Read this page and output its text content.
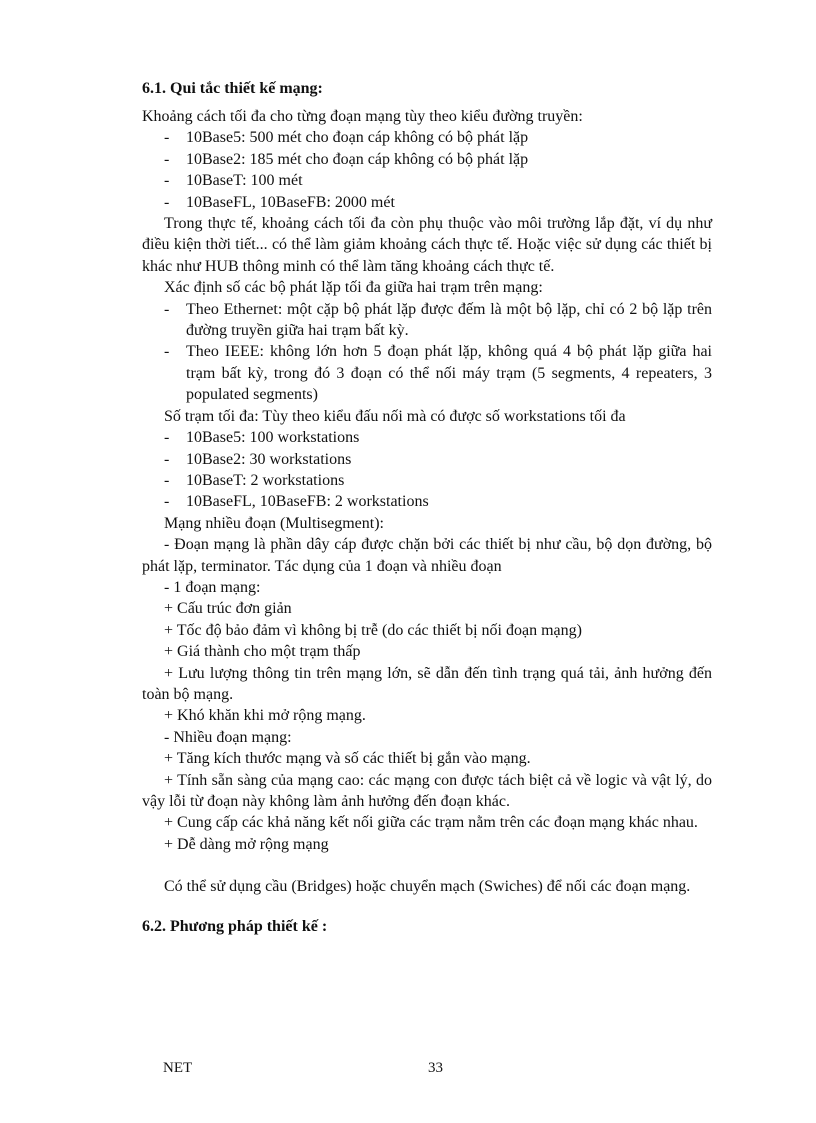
6.1. Qui tắc thiết kế mạng:

Khoảng cách tối đa cho từng đoạn mạng tùy theo kiểu đường truyền:

- 10Base5: 500 mét cho đoạn cáp không có bộ phát lặp
- 10Base2: 185 mét cho đoạn cáp không có bộ phát lặp
- 10BaseT: 100 mét
- 10BaseFL, 10BaseFB: 2000 mét

Trong thực tế, khoảng cách tối đa còn phụ thuộc vào môi trường lắp đặt, ví dụ như điều kiện thời tiết... có thể làm giảm khoảng cách thực tế. Hoặc việc sử dụng các thiết bị khác như HUB thông minh có thể làm tăng khoảng cách thực tế.

Xác định số các bộ phát lặp tối đa giữa hai trạm trên mạng:

- Theo Ethernet: một cặp bộ phát lặp được đếm là một bộ lặp, chỉ có 2 bộ lặp trên đường truyền giữa hai trạm bất kỳ.
- Theo IEEE: không lớn hơn 5 đoạn phát lặp, không quá 4 bộ phát lặp giữa hai trạm bất kỳ, trong đó 3 đoạn có thể nối máy trạm (5 segments, 4 repeaters, 3 populated segments)

Số trạm tối đa: Tùy theo kiểu đấu nối mà có được số workstations tối đa

- 10Base5: 100 workstations
- 10Base2: 30 workstations
- 10BaseT: 2 workstations
- 10BaseFL, 10BaseFB: 2 workstations

Mạng nhiều đoạn (Multisegment):

- Đoạn mạng là phần dây cáp được chặn bởi các thiết bị như cầu, bộ dọn đường, bộ phát lặp, terminator. Tác dụng của 1 đoạn và nhiều đoạn

- 1 đoạn mạng:

+ Cấu trúc đơn giản

+ Tốc độ bảo đảm vì không bị trễ (do các thiết bị nối đoạn mạng)

+ Giá thành cho một trạm thấp

+ Lưu lượng thông tin trên mạng lớn, sẽ dẫn đến tình trạng quá tải, ảnh hưởng đến toàn bộ mạng.

+ Khó khăn khi mở rộng mạng.

- Nhiều đoạn mạng:

+ Tăng kích thước mạng và số các thiết bị gắn vào mạng.

+ Tính sẵn sàng của mạng cao: các mạng con được tách biệt cả về logic và vật lý, do vậy lỗi từ đoạn này không làm ảnh hưởng đến đoạn khác.

+ Cung cấp các khả năng kết nối giữa các trạm nằm trên các đoạn mạng khác nhau.

+ Dễ dàng mở rộng mạng

Có thể sử dụng cầu (Bridges) hoặc chuyển mạch (Swiches) để nối các đoạn mạng.

6.2. Phương pháp thiết kế :
NET	33
